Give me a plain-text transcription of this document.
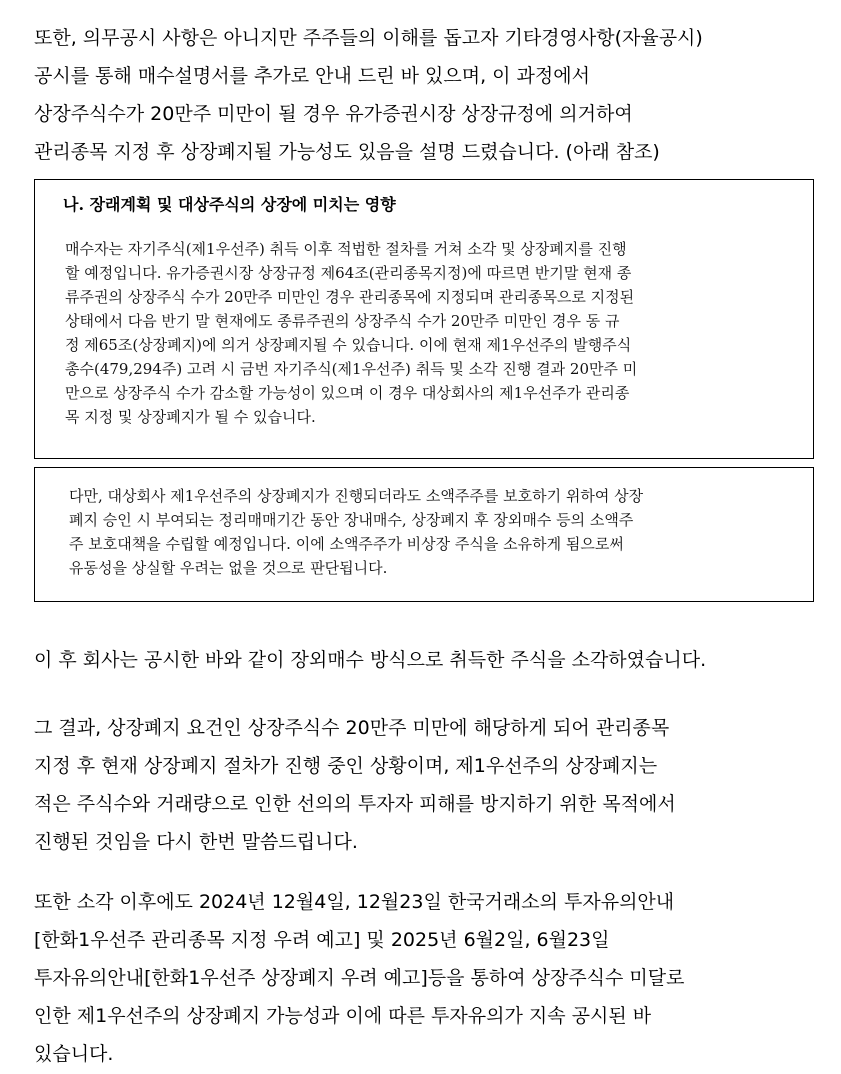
또한, 의무공시 사항은 아니지만 주주들의 이해를 돕고자 기타경영사항(자율공시)
공시를 통해 매수설명서를 추가로 안내 드린 바 있으며, 이 과정에서
상장주식수가 20만주 미만이 될 경우 유가증권시장 상장규정에 의거하여
관리종목 지정 후 상장폐지될 가능성도 있음을 설명 드렸습니다. (아래 참조)
나. 장래계획 및 대상주식의 상장에 미치는 영향
매수자는 자기주식(제1우선주) 취득 이후 적법한 절차를 거쳐 소각 및 상장폐지를 진행
할 예정입니다. 유가증권시장 상장규정 제64조(관리종목지정)에 따르면 반기말 현재 종
류주권의 상장주식 수가 20만주 미만인 경우 관리종목에 지정되며 관리종목으로 지정된
상태에서 다음 반기 말 현재에도 종류주권의 상장주식 수가 20만주 미만인 경우 동 규
정 제65조(상장폐지)에 의거 상장폐지될 수 있습니다. 이에 현재 제1우선주의 발행주식
총수(479,294주) 고려 시 금번 자기주식(제1우선주) 취득 및 소각 진행 결과 20만주 미
만으로 상장주식 수가 감소할 가능성이 있으며 이 경우 대상회사의 제1우선주가 관리종
목 지정 및 상장폐지가 될 수 있습니다.
다만, 대상회사 제1우선주의 상장폐지가 진행되더라도 소액주주를 보호하기 위하여 상장
폐지 승인 시 부여되는 정리매매기간 동안 장내매수, 상장폐지 후 장외매수 등의 소액주
주 보호대책을 수립할 예정입니다. 이에 소액주주가 비상장 주식을 소유하게 됨으로써
유동성을 상실할 우려는 없을 것으로 판단됩니다.
이 후 회사는 공시한 바와 같이 장외매수 방식으로 취득한 주식을 소각하였습니다.
그 결과, 상장폐지 요건인 상장주식수 20만주 미만에 해당하게 되어 관리종목
지정 후 현재 상장폐지 절차가 진행 중인 상황이며, 제1우선주의 상장폐지는
적은 주식수와 거래량으로 인한 선의의 투자자 피해를 방지하기 위한 목적에서
진행된 것임을 다시 한번 말씀드립니다.
또한 소각 이후에도 2024년 12월4일, 12월23일 한국거래소의 투자유의안내
[한화1우선주 관리종목 지정 우려 예고] 및 2025년 6월2일, 6월23일
투자유의안내[한화1우선주 상장폐지 우려 예고]등을 통하여 상장주식수 미달로
인한 제1우선주의 상장폐지 가능성과 이에 따른 투자유의가 지속 공시된 바
있습니다.
